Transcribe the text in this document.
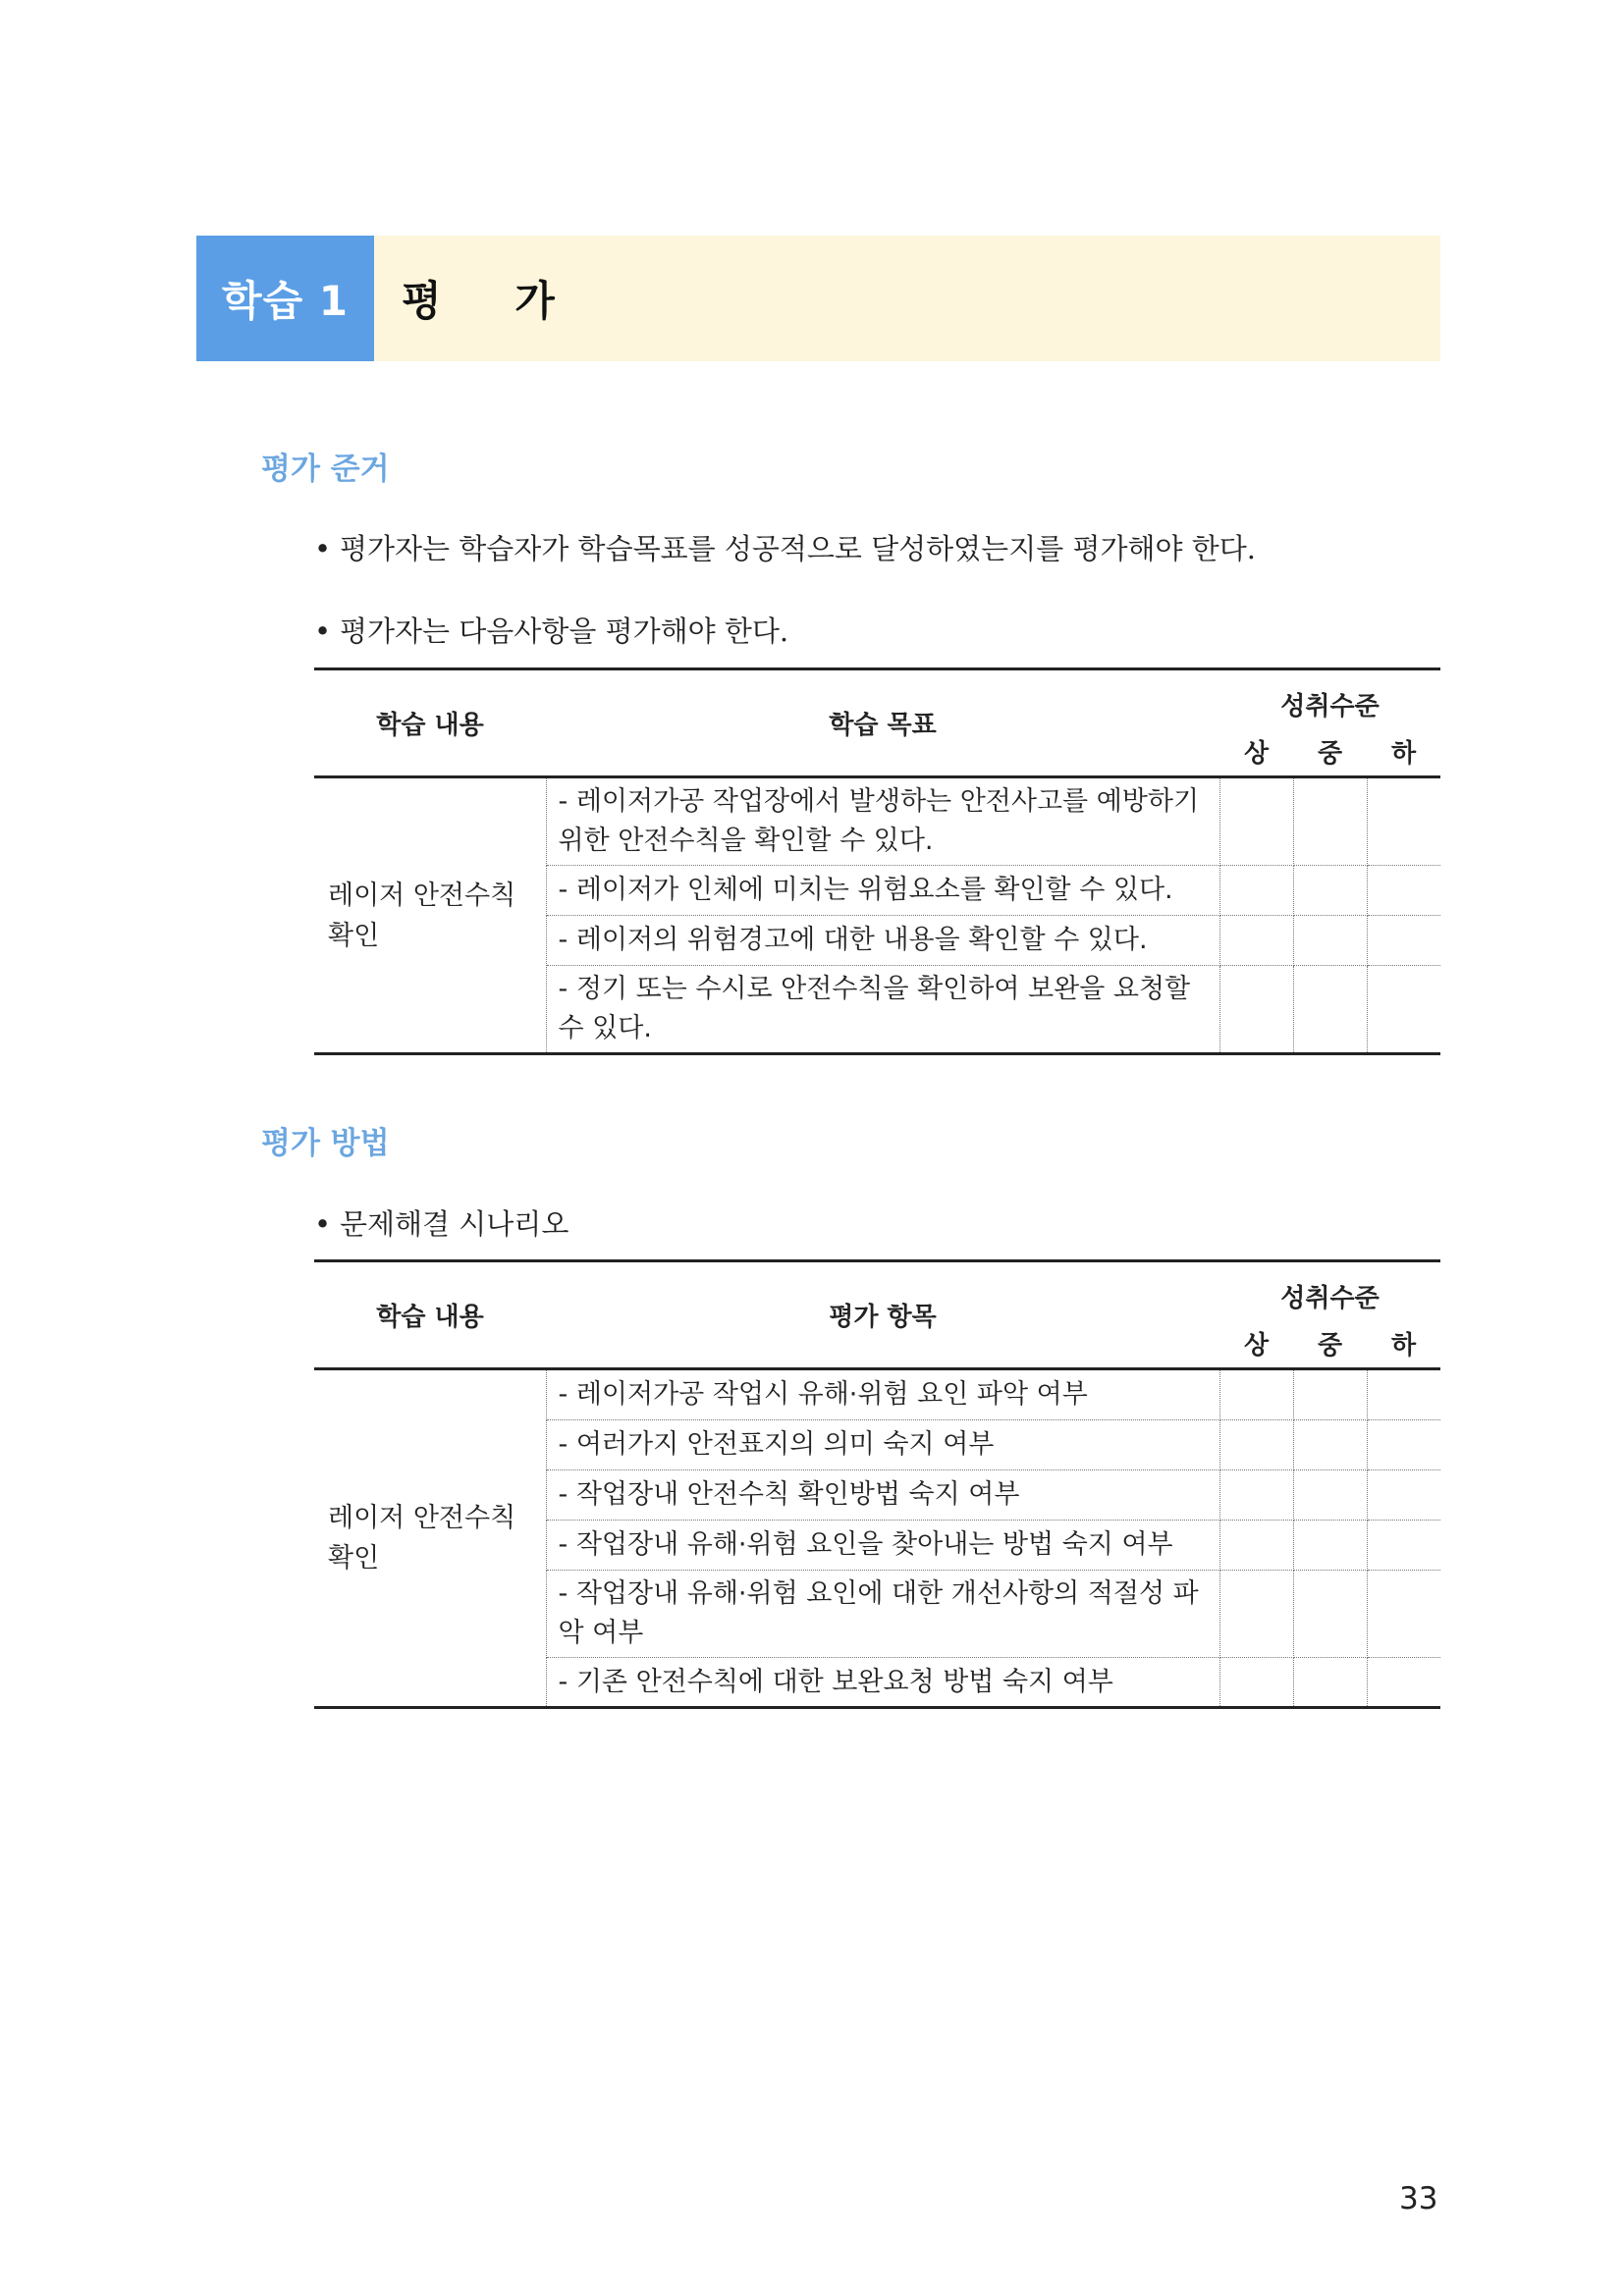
학습 1	평 가
평가 준거
• 평가자는 학습자가 학습목표를 성공적으로 달성하였는지를 평가해야 한다.
• 평가자는 다음사항을 평가해야 한다.
학습 내용	학습 목표	성취수준		
		상	중	하
레이저 안전수칙 확인	- 레이저가공 작업장에서 발생하는 안전사고를 예방하기 위한 안전수칙을 확인할 수 있다.			
	- 레이저가 인체에 미치는 위험요소를 확인할 수 있다.			
	- 레이저의 위험경고에 대한 내용을 확인할 수 있다.			
	- 정기 또는 수시로 안전수칙을 확인하여 보완을 요청할 수 있다.			
평가 방법
• 문제해결 시나리오
학습 내용	평가 항목	성취수준		
		상	중	하
레이저 안전수칙 확인	- 레이저가공 작업시 유해·위험 요인 파악 여부			
	- 여러가지 안전표지의 의미 숙지 여부			
	- 작업장내 안전수칙 확인방법 숙지 여부			
	- 작업장내 유해·위험 요인을 찾아내는 방법 숙지 여부			
	- 작업장내 유해·위험 요인에 대한 개선사항의 적절성 파악 여부			
	- 기존 안전수칙에 대한 보완요청 방법 숙지 여부			
33
